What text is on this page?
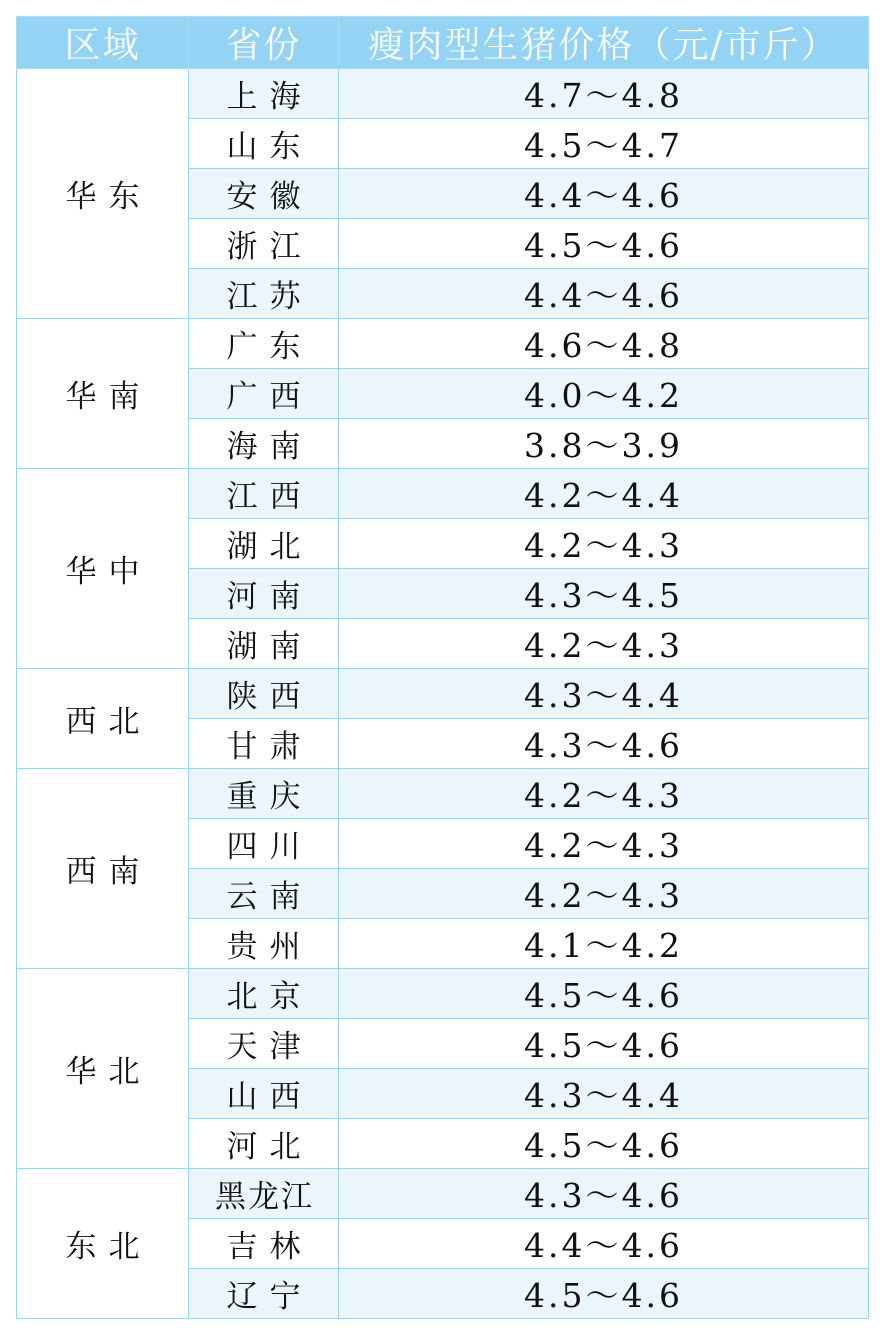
区域	省份	瘦肉型生猪价格（元/市斤）
华东	上海	4.7～4.8
	山东	4.5～4.7
	安徽	4.4～4.6
	浙江	4.5～4.6
	江苏	4.4～4.6
华南	广东	4.6～4.8
	广西	4.0～4.2
	海南	3.8～3.9
华中	江西	4.2～4.4
	湖北	4.2～4.3
	河南	4.3～4.5
	湖南	4.2～4.3
西北	陕西	4.3～4.4
	甘肃	4.3～4.6
西南	重庆	4.2～4.3
	四川	4.2～4.3
	云南	4.2～4.3
	贵州	4.1～4.2
华北	北京	4.5～4.6
	天津	4.5～4.6
	山西	4.3～4.4
	河北	4.5～4.6
东北	黑龙江	4.3～4.6
	吉林	4.4～4.6
	辽宁	4.5～4.6
